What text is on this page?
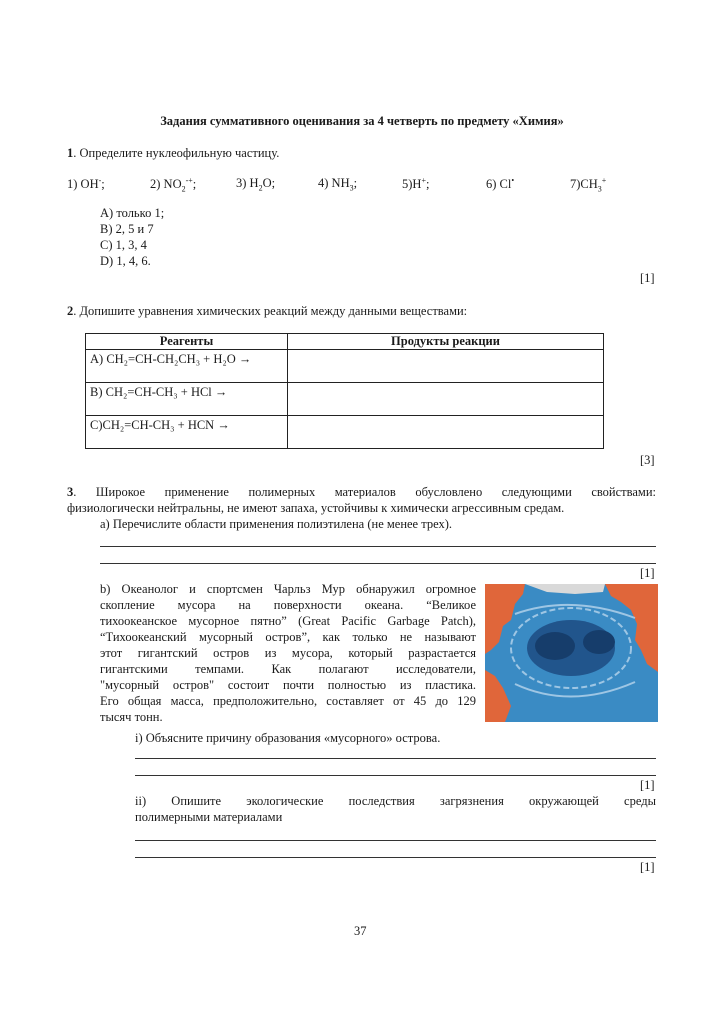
Задания суммативного оценивания за 4 четверть по предмету «Химия»
1. Определите нуклеофильную частицу.
1) OH-;	2) $NO_2^{-+}$;	3) $H_2O$;	4) $NH_3$;	5)H+;	6) Cl•	$7)CH_3^+$
A) только 1;
B) 2, 5 и 7
C) 1, 3, 4
D) 1, 4, 6.
[1]
2. Допишите уравнения химических реакций между данными веществами:
Реагенты	Продукты реакции
A) CH₂=CH-CH₂CH₃ + H₂O →	
B) CH₂=CH-CH₃ + HCl →	
C)CH₂=CH-CH₃ + HCN →	
[3]
3. Широкое применение полимерных материалов обусловлено следующими свойствами:
физиологически нейтральны, не имеют запаха, устойчивы к химически агрессивным средам.
a) Перечислите области применения полиэтилена (не менее трех).
[1]
b) Океанолог и спортсмен Чарльз Мур обнаружил огромное
скопление мусора на поверхности океана. “Великое
тихоокеанское мусорное пятно” (Great Pacific Garbage Patch),
“Тихоокеанский мусорный остров”, как только не называют
этот гигантский остров из мусора, который разрастается
гигантскими темпами. Как полагают исследователи,
"мусорный остров" состоит почти полностью из пластика.
Его общая масса, предположительно, составляет от 45 до 129
тысяч тонн.
i) Объясните причину образования «мусорного» острова.
[1]
ii) Опишите экологические последствия загрязнения окружающей среды
полимерными материалами
[1]
37
